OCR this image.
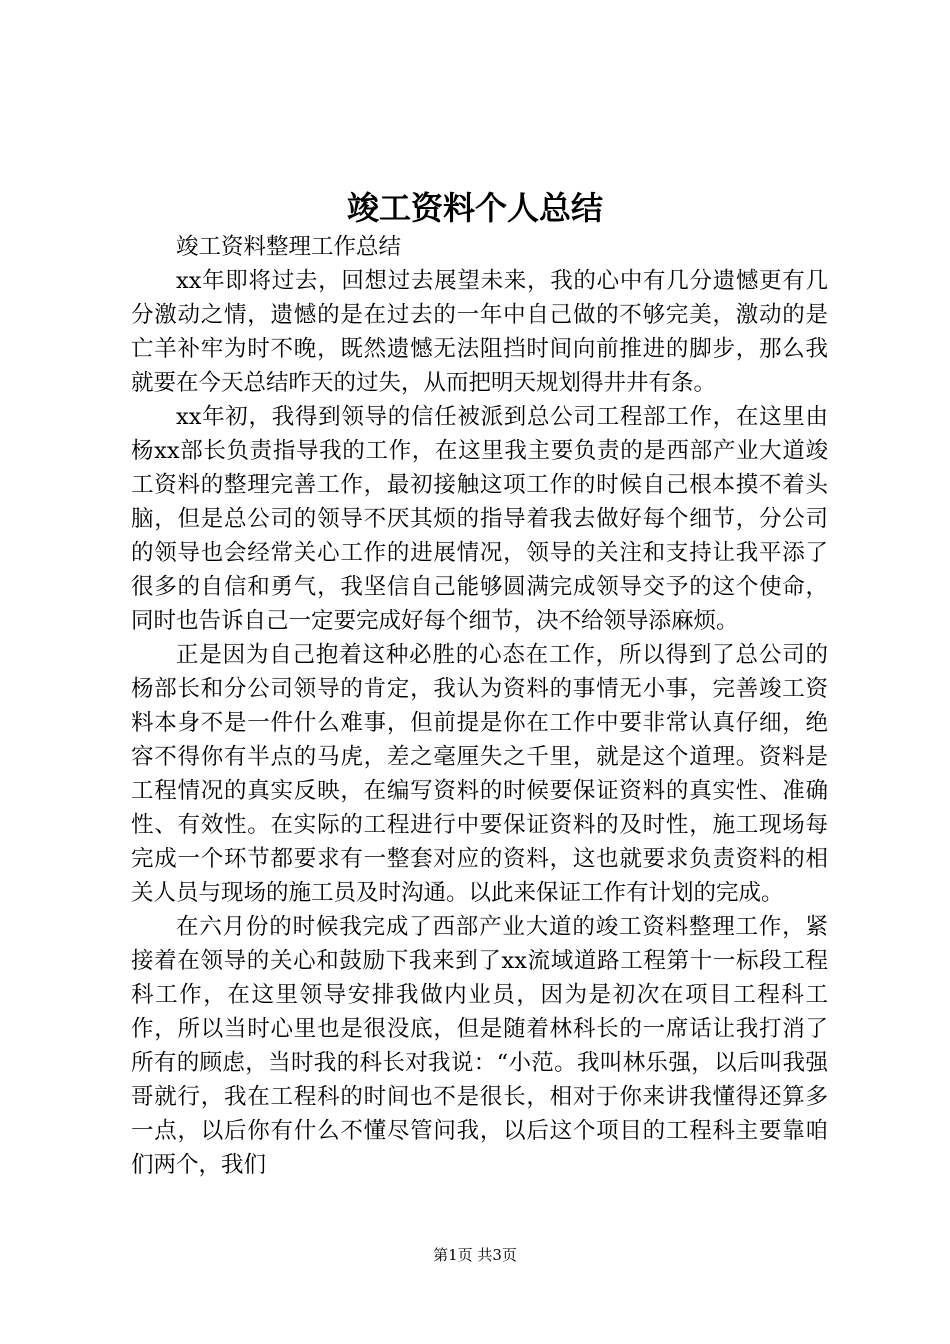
竣工资料个人总结

竣工资料整理工作总结

xx年即将过去，回想过去展望未来，我的心中有几分遗憾更有几分激动之情，遗憾的是在过去的一年中自己做的不够完美，激动的是亡羊补牢为时不晚，既然遗憾无法阻挡时间向前推进的脚步，那么我就要在今天总结昨天的过失，从而把明天规划得井井有条。

xx年初，我得到领导的信任被派到总公司工程部工作，在这里由杨xx部长负责指导我的工作，在这里我主要负责的是西部产业大道竣工资料的整理完善工作，最初接触这项工作的时候自己根本摸不着头脑，但是总公司的领导不厌其烦的指导着我去做好每个细节，分公司的领导也会经常关心工作的进展情况，领导的关注和支持让我平添了很多的自信和勇气，我坚信自己能够圆满完成领导交予的这个使命，同时也告诉自己一定要完成好每个细节，决不给领导添麻烦。

正是因为自己抱着这种必胜的心态在工作，所以得到了总公司的杨部长和分公司领导的肯定，我认为资料的事情无小事，完善竣工资料本身不是一件什么难事，但前提是你在工作中要非常认真仔细，绝容不得你有半点的马虎，差之毫厘失之千里，就是这个道理。资料是工程情况的真实反映，在编写资料的时候要保证资料的真实性、准确性、有效性。在实际的工程进行中要保证资料的及时性，施工现场每完成一个环节都要求有一整套对应的资料，这也就要求负责资料的相关人员与现场的施工员及时沟通。以此来保证工作有计划的完成。

在六月份的时候我完成了西部产业大道的竣工资料整理工作，紧接着在领导的关心和鼓励下我来到了xx流域道路工程第十一标段工程科工作，在这里领导安排我做内业员，因为是初次在项目工程科工作，所以当时心里也是很没底，但是随着林科长的一席话让我打消了所有的顾虑，当时我的科长对我说：“小范。我叫林乐强，以后叫我强哥就行，我在工程科的时间也不是很长，相对于你来讲我懂得还算多一点，以后你有什么不懂尽管问我，以后这个项目的工程科主要靠咱们两个，我们

第1页 共3页
